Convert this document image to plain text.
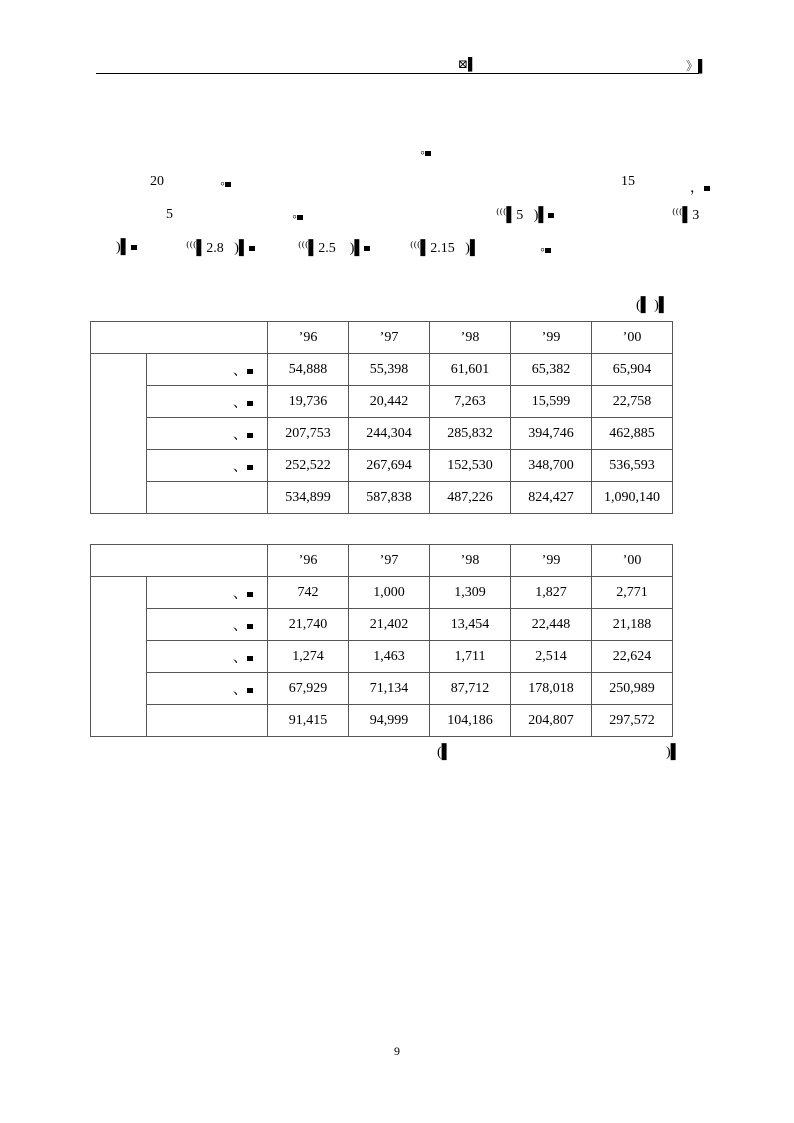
⊠▌	》▌
◦
20	◦	15	，
5	◦	⁽⁽⁽▌5   )▌	⁽⁽⁽▌3
)▌	⁽⁽⁽▌2.8   )▌	⁽⁽⁽▌2.5    )▌	⁽⁽⁽▌2.15   )▌	◦
(▌ )▌
		’96	’97	’98	’99	’00
	、	54,888	55,398	61,601	65,382	65,904
	、	19,736	20,442	7,263	15,599	22,758
	、	207,753	244,304	285,832	394,746	462,885
	、	252,522	267,694	152,530	348,700	536,593
		534,899	587,838	487,226	824,427	1,090,140
		’96	’97	’98	’99	’00
	、	742	1,000	1,309	1,827	2,771
	、	21,740	21,402	13,454	22,448	21,188
	、	1,274	1,463	1,711	2,514	22,624
	、	67,929	71,134	87,712	178,018	250,989
		91,415	94,999	104,186	204,807	297,572
(▌	)▌
9
